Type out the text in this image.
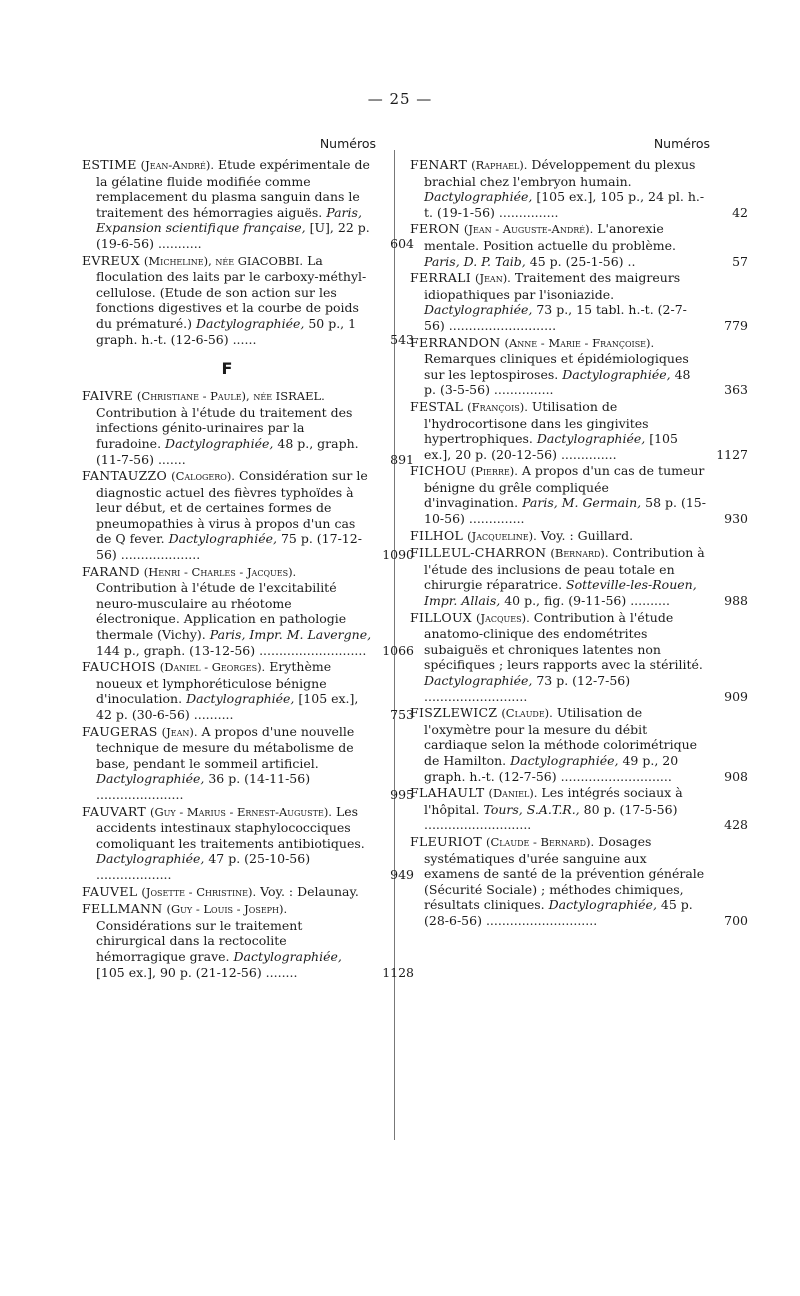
— 25 —
Numéros
ESTIME (Jean-André). Etude expérimentale de la gélatine fluide modifiée comme remplacement du plasma sanguin dans le traitement des hémorragies aiguës. Paris, Expansion scientifique française, [U], 22 p. (19-6-56) ...........	604
EVREUX (Micheline), née GIACOBBI. La floculation des laits par le carboxy-méthyl-cellulose. (Etude de son action sur les fonctions digestives et la courbe de poids du prématuré.) Dactylographiée, 50 p., 1 graph. h.-t. (12-6-56) ......	543
F
FAIVRE (Christiane - Paule), née ISRAEL. Contribution à l'étude du traitement des infections génito-urinaires par la furadoine. Dactylographiée, 48 p., graph. (11-7-56) .......	891
FANTAUZZO (Calogero). Considération sur le diagnostic actuel des fièvres typhoïdes à leur début, et de certaines formes de pneumopathies à virus à propos d'un cas de Q fever. Dactylographiée, 75 p. (17-12-56) ....................	1090
FARAND (Henri - Charles - Jacques). Contribution à l'étude de l'excitabilité neuro-musculaire au rhéotome électronique. Application en pathologie thermale (Vichy). Paris, Impr. M. Lavergne, 144 p., graph. (13-12-56) ........................... 1066
FAUCHOIS (Daniel - Georges). Erythème noueux et lymphoréticulose bénigne d'inoculation. Dactylographiée, [105 ex.], 42 p. (30-6-56) ..........	753
FAUGERAS (Jean). A propos d'une nouvelle technique de mesure du métabolisme de base, pendant le sommeil artificiel. Dactylographiée, 36 p. (14-11-56) ......................	995
FAUVART (Guy - Marius - Ernest-Auguste). Les accidents intestinaux staphylococciques comoliquant les traitements antibiotiques. Dactylographiée, 47 p. (25-10-56) ...................	949
FAUVEL (Josette - Christine). Voy. : Delaunay.
FELLMANN (Guy - Louis - Joseph). Considérations sur le traitement chirurgical dans la rectocolite hémorragique grave. Dactylographiée, [105 ex.], 90 p. (21-12-56) ........	1128
Numéros
FENART (Raphael). Développement du plexus brachial chez l'embryon humain. Dactylographiée, [105 ex.], 105 p., 24 pl. h.-t. (19-1-56) ...............	42
FERON (Jean - Auguste-André). L'anorexie mentale. Position actuelle du problème. Paris, D. P. Taib, 45 p. (25-1-56) ..	57
FERRALI (Jean). Traitement des maigreurs idiopathiques par l'isoniazide. Dactylographiée, 73 p., 15 tabl. h.-t. (2-7-56) ...........................	779
FERRANDON (Anne - Marie - Françoise). Remarques cliniques et épidémiologiques sur les leptospiroses. Dactylographiée, 48 p. (3-5-56) ...............	363
FESTAL (François). Utilisation de l'hydrocortisone dans les gingivites hypertrophiques. Dactylographiée, [105 ex.], 20 p. (20-12-56) ..............	1127
FICHOU (Pierre). A propos d'un cas de tumeur bénigne du grêle compliquée d'invagination. Paris, M. Germain, 58 p. (15-10-56) ..............	930
FILHOL (Jacqueline). Voy. : Guillard.
FILLEUL-CHARRON (Bernard). Contribution à l'étude des inclusions de peau totale en chirurgie réparatrice. Sotteville-les-Rouen, Impr. Allais, 40 p., fig. (9-11-56) ..........	988
FILLOUX (Jacques). Contribution à l'étude anatomo-clinique des endométrites subaiguës et chroniques latentes non spécifiques ; leurs rapports avec la stérilité. Dactylographiée, 73 p. (12-7-56) ..........................	909
FISZLEWICZ (Claude). Utilisation de l'oxymètre pour la mesure du débit cardiaque selon la méthode colorimétrique de Hamilton. Dactylographiée, 49 p., 20 graph. h.-t. (12-7-56) ............................	908
FLAHAULT (Daniel). Les intégrés sociaux à l'hôpital. Tours, S.A.T.R., 80 p. (17-5-56) ...........................	428
FLEURIOT (Claude - Bernard). Dosages systématiques d'urée sanguine aux examens de santé de la prévention générale (Sécurité Sociale) ; méthodes chimiques, résultats cliniques. Dactylographiée, 45 p. (28-6-56) ............................	700
